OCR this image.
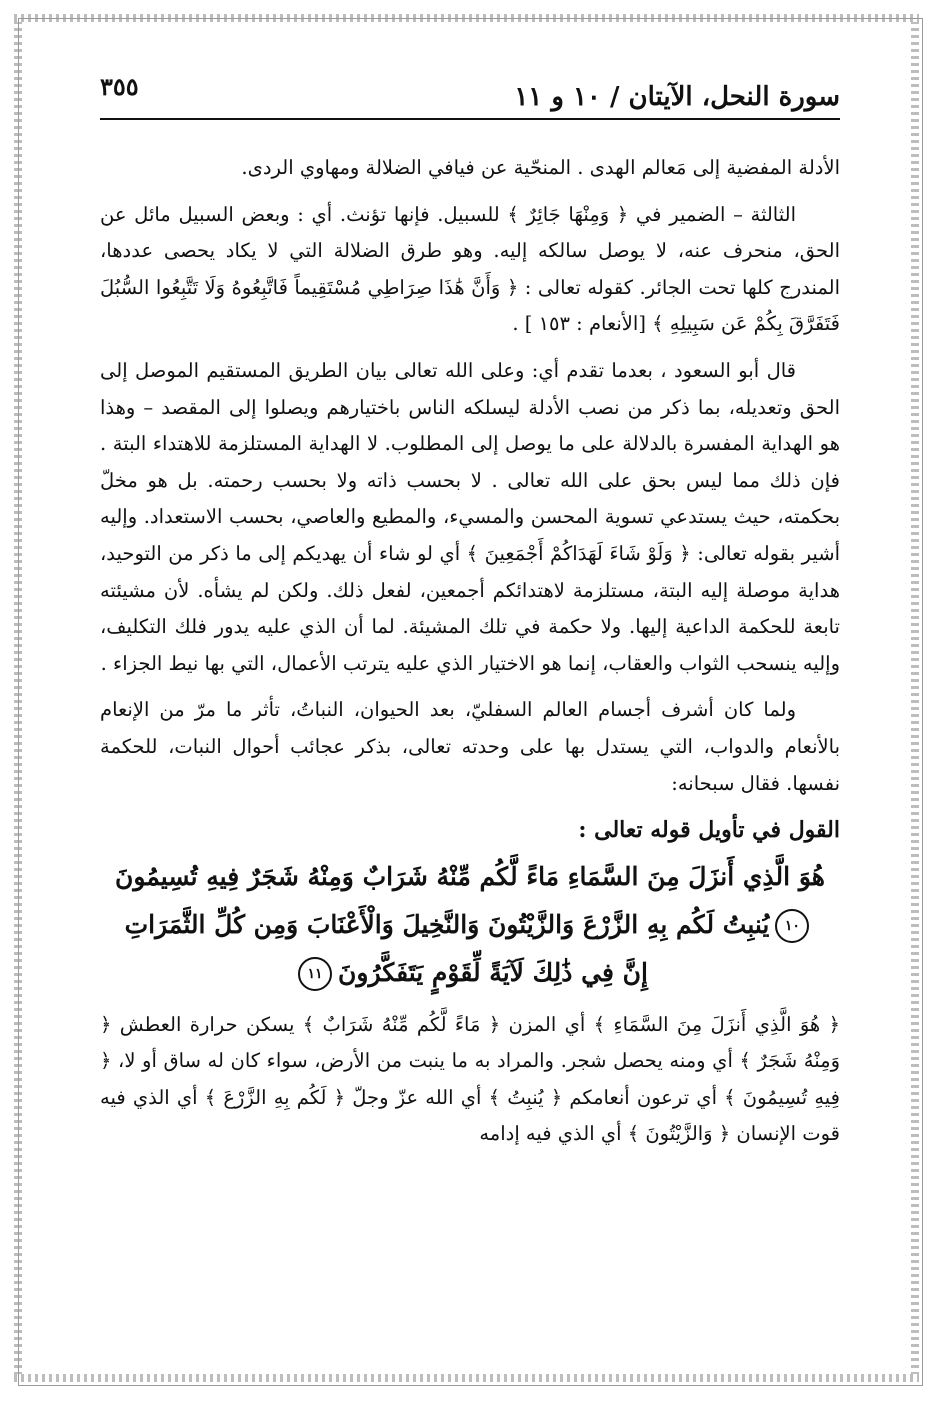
سورة النحل، الآيتان / ١٠ و ١١
٣٥٥

الأدلة المفضية إلى مَعالم الهدى . المنحّية عن فيافي الضلالة ومهاوي الردى.

الثالثة – الضمير في ﴿ وَمِنْهَا جَائِرٌ ﴾ للسبيل. فإنها تؤنث. أي : وبعض السبيل مائل عن الحق، منحرف عنه، لا يوصل سالكه إليه. وهو طرق الضلالة التي لا يكاد يحصى عددها، المندرج كلها تحت الجائر. كقوله تعالى : ﴿ وَأَنَّ هَٰذَا صِرَاطِي مُسْتَقِيماً فَاتَّبِعُوهُ وَلَا تَتَّبِعُوا السُّبُلَ فَتَفَرَّقَ بِكُمْ عَن سَبِيلِهِ ﴾ [الأنعام : ١٥٣ ] .

قال أبو السعود ، بعدما تقدم أي: وعلى الله تعالى بيان الطريق المستقيم الموصل إلى الحق وتعديله، بما ذكر من نصب الأدلة ليسلكه الناس باختيارهم ويصلوا إلى المقصد – وهذا هو الهداية المفسرة بالدلالة على ما يوصل إلى المطلوب. لا الهداية المستلزمة للاهتداء البتة . فإن ذلك مما ليس بحق على الله تعالى . لا بحسب ذاته ولا بحسب رحمته. بل هو مخلّ بحكمته، حيث يستدعي تسوية المحسن والمسيء، والمطيع والعاصي، بحسب الاستعداد. وإليه أشير بقوله تعالى: ﴿ وَلَوْ شَاءَ لَهَدَاكُمْ أَجْمَعِينَ ﴾ أي لو شاء أن يهديكم إلى ما ذكر من التوحيد، هداية موصلة إليه البتة، مستلزمة لاهتدائكم أجمعين، لفعل ذلك. ولكن لم يشأه. لأن مشيئته تابعة للحكمة الداعية إليها. ولا حكمة في تلك المشيئة. لما أن الذي عليه يدور فلك التكليف، وإليه ينسحب الثواب والعقاب، إنما هو الاختيار الذي عليه يترتب الأعمال، التي بها نيط الجزاء .

ولما كان أشرف أجسام العالم السفليّ، بعد الحيوان، النباتُ، تأثر ما مرّ من الإنعام بالأنعام والدواب، التي يستدل بها على وحدته تعالى، بذكر عجائب أحوال النبات، للحكمة نفسها. فقال سبحانه:

القول في تأويل قوله تعالى :
هُوَ الَّذِي أَنزَلَ مِنَ السَّمَاءِ مَاءً لَّكُم مِّنْهُ شَرَابٌ وَمِنْهُ شَجَرٌ فِيهِ تُسِيمُونَ
١٠يُنبِتُ لَكُم بِهِ الزَّرْعَ وَالزَّيْتُونَ وَالنَّخِيلَ وَالْأَعْنَابَ وَمِن كُلِّ الثَّمَرَاتِ
إِنَّ فِي ذَٰلِكَ لَآيَةً لِّقَوْمٍ يَتَفَكَّرُونَ١١

﴿ هُوَ الَّذِي أَنزَلَ مِنَ السَّمَاءِ ﴾ أي المزن ﴿ مَاءً لَّكُم مِّنْهُ شَرَابٌ ﴾ يسكن حرارة العطش ﴿ وَمِنْهُ شَجَرٌ ﴾ أي ومنه يحصل شجر. والمراد به ما ينبت من الأرض، سواء كان له ساق أو لا، ﴿ فِيهِ تُسِيمُونَ ﴾ أي ترعون أنعامكم ﴿ يُنبِتُ ﴾ أي الله عزّ وجلّ ﴿ لَكُم بِهِ الزَّرْعَ ﴾ أي الذي فيه قوت الإنسان ﴿ وَالزَّيْتُونَ ﴾ أي الذي فيه إدامه
